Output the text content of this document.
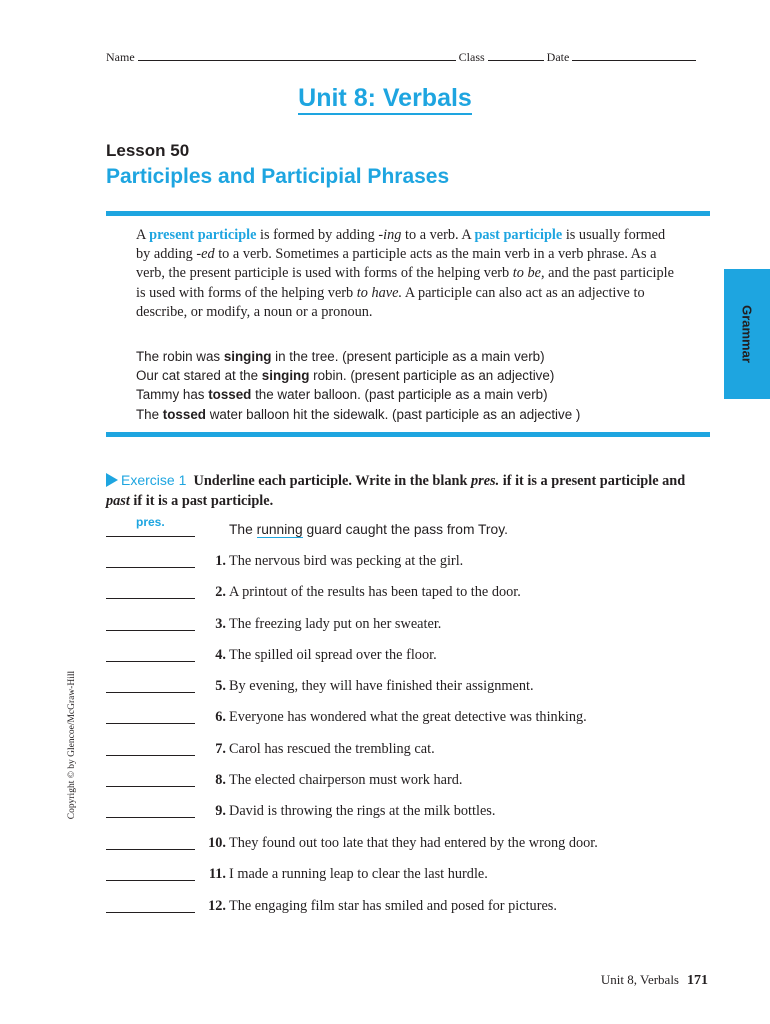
Name	Class	Date
Unit 8: Verbals
Lesson 50
Participles and Participial Phrases
A present participle is formed by adding -ing to a verb. A past participle is usually formed by adding -ed to a verb. Sometimes a participle acts as the main verb in a verb phrase. As a verb, the present participle is used with forms of the helping verb to be, and the past participle is used with forms of the helping verb to have. A participle can also act as an adjective to describe, or modify, a noun or a pronoun.
The robin was singing in the tree. (present participle as a main verb)
Our cat stared at the singing robin. (present participle as an adjective)
Tammy has tossed the water balloon. (past participle as a main verb)
The tossed water balloon hit the sidewalk. (past participle as an adjective )
Grammar
Exercise 1 Underline each participle. Write in the blank pres. if it is a present participle and past if it is a past participle.
pres.	The running guard caught the pass from Troy.
1. The nervous bird was pecking at the girl.
2. A printout of the results has been taped to the door.
3. The freezing lady put on her sweater.
4. The spilled oil spread over the floor.
5. By evening, they will have finished their assignment.
6. Everyone has wondered what the great detective was thinking.
7. Carol has rescued the trembling cat.
8. The elected chairperson must work hard.
9. David is throwing the rings at the milk bottles.
10. They found out too late that they had entered by the wrong door.
11. I made a running leap to clear the last hurdle.
12. The engaging film star has smiled and posed for pictures.
Copyright © by Glencoe/McGraw-Hill
Unit 8, Verbals 171
